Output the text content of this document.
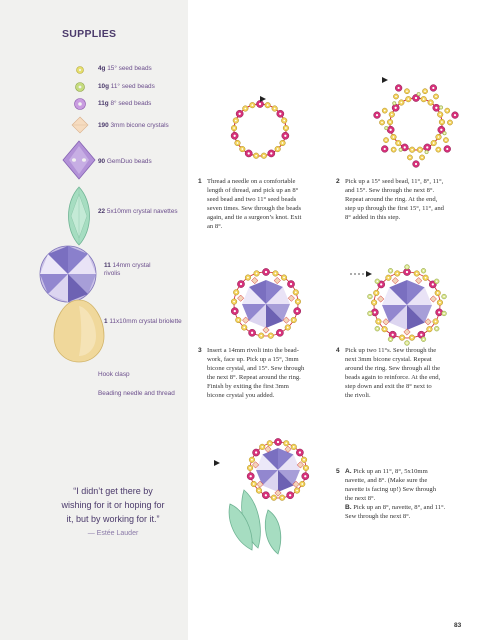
SUPPLIES
4g 15° seed beads
10g 11° seed beads
11g 8° seed beads
190 3mm bicone crystals
90 GemDuo beads
22 5x10mm crystal navettes
11 14mm crystal
rivolis
1 11x10mm crystal briolette
Hook clasp
Beading needle and thread
“I didn’t get there by
wishing for it or hoping for
it, but by working for it.”
— Estée Lauder
1 Thread a needle on a comfortable
length of thread, and pick up an 8°
seed bead and two 11° seed beads
seven times. Sew through the beads
again, and tie a surgeon’s knot. Exit
an 8°.
2 Pick up a 15° seed bead, 11°, 8°, 11°,
and 15°. Sew through the next 8°.
Repeat around the ring. At the end,
step up through the first 15°, 11°, and
8° added in this step.
3 Insert a 14mm rivoli into the bead-
work, face up. Pick up a 15°, 3mm
bicone crystal, and 15°. Sew through
the next 8°. Repeat around the ring.
Finish by exiting the first 3mm
bicone crystal you added.
4 Pick up two 11°s. Sew through the
next 3mm bicone crystal. Repeat
around the ring. Sew through all the
beads again to reinforce. At the end,
step down and exit the 8° next to
the rivoli.
5 A. Pick up an 11°, 8°, 5x10mm
navette, and 8°. (Make sure the
navette is facing up!) Sew through
the next 8°.
B. Pick up an 8°, navette, 8°, and 11°.
Sew through the next 8°.
83
